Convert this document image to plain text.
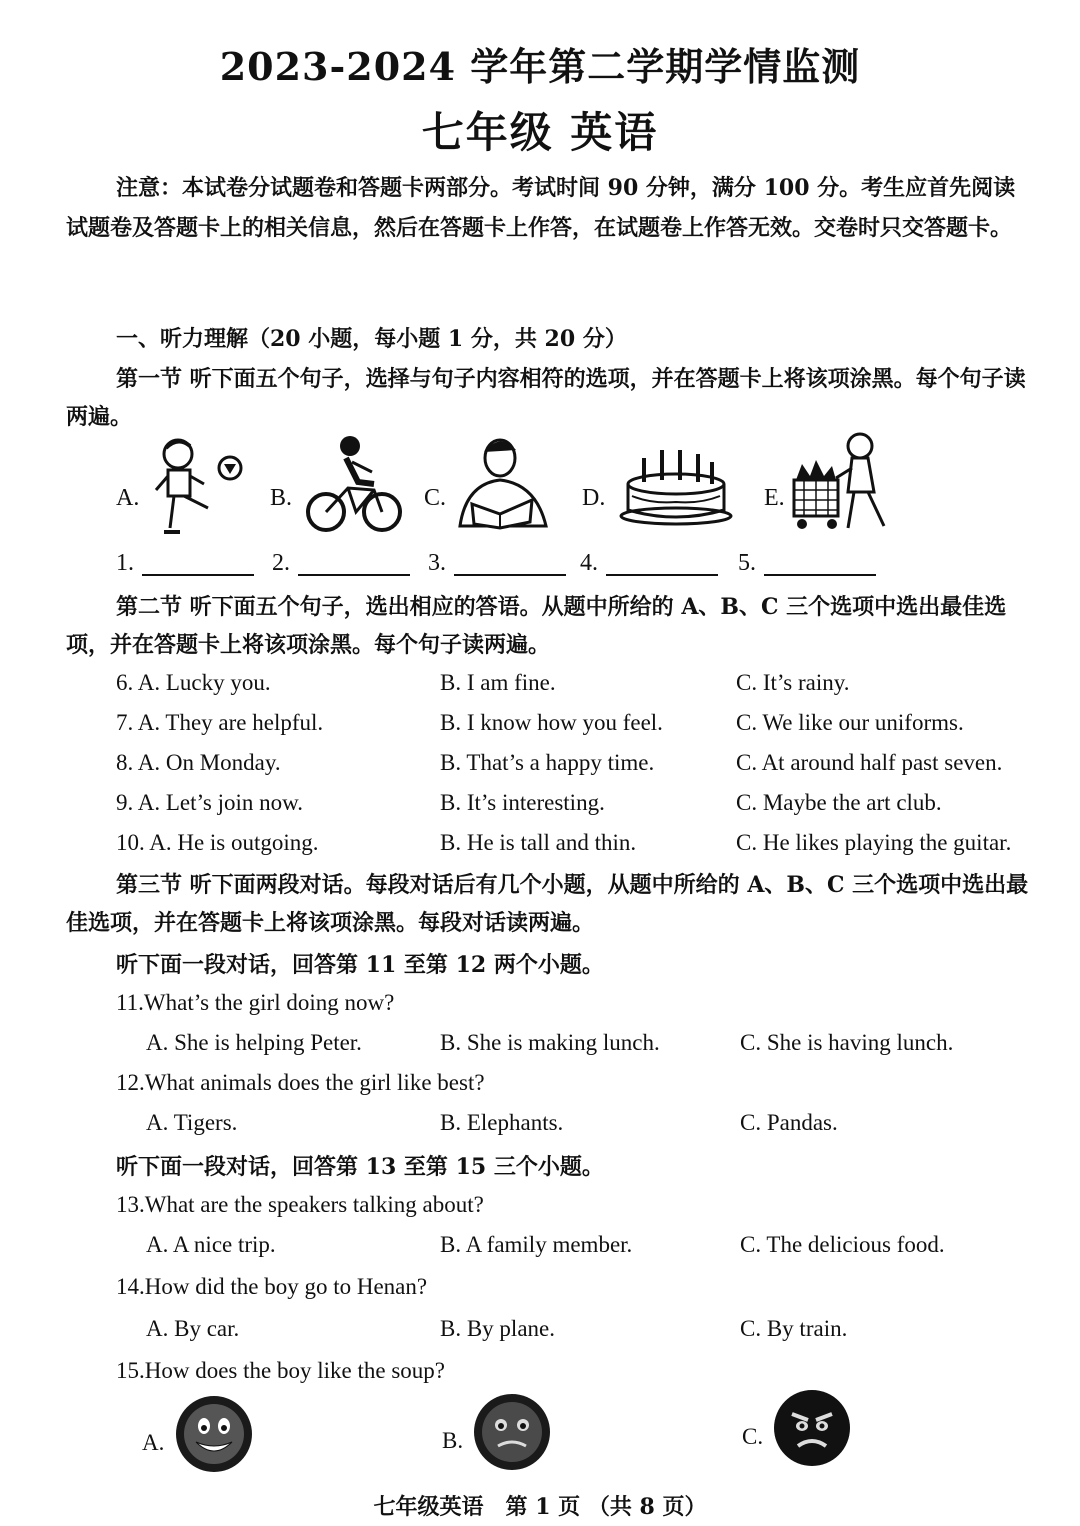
2023-2024 学年第二学期学情监测
七年级 英语
注意：本试卷分试题卷和答题卡两部分。考试时间 90 分钟，满分 100 分。考生应首先阅读试题卷及答题卡上的相关信息，然后在答题卡上作答，在试题卷上作答无效。交卷时只交答题卡。
一、听力理解（20 小题，每小题 1 分，共 20 分）
第一节 听下面五个句子，选择与句子内容相符的选项，并在答题卡上将该项涂黑。每个句子读两遍。
A.	B.	C.	D.	E.
1.	2.	3.	4.	5.
第二节 听下面五个句子，选出相应的答语。从题中所给的 A、B、C 三个选项中选出最佳选项，并在答题卡上将该项涂黑。每个句子读两遍。
6. A. Lucky you.	B. I am fine.	C. It’s rainy.
7. A. They are helpful.	B. I know how you feel.	C. We like our uniforms.
8. A. On Monday.	B. That’s a happy time.	C. At around half past seven.
9. A. Let’s join now.	B. It’s interesting.	C. Maybe the art club.
10. A. He is outgoing.	B. He is tall and thin.	C. He likes playing the guitar.
第三节 听下面两段对话。每段对话后有几个小题，从题中所给的 A、B、C 三个选项中选出最佳选项，并在答题卡上将该项涂黑。每段对话读两遍。
听下面一段对话，回答第 11 至第 12 两个小题。
11.What’s the girl doing now?
A. She is helping Peter.	B. She is making lunch.	C. She is having lunch.
12.What animals does the girl like best?
A. Tigers.	B. Elephants.	C. Pandas.
听下面一段对话，回答第 13 至第 15 三个小题。
13.What are the speakers talking about?
A. A nice trip.	B. A family member.	C. The delicious food.
14.How did the boy go to Henan?
A. By car.	B. By plane.	C. By train.
15.How does the boy like the soup?
A.	B.	C.
七年级英语　第 1 页 （共 8 页）
